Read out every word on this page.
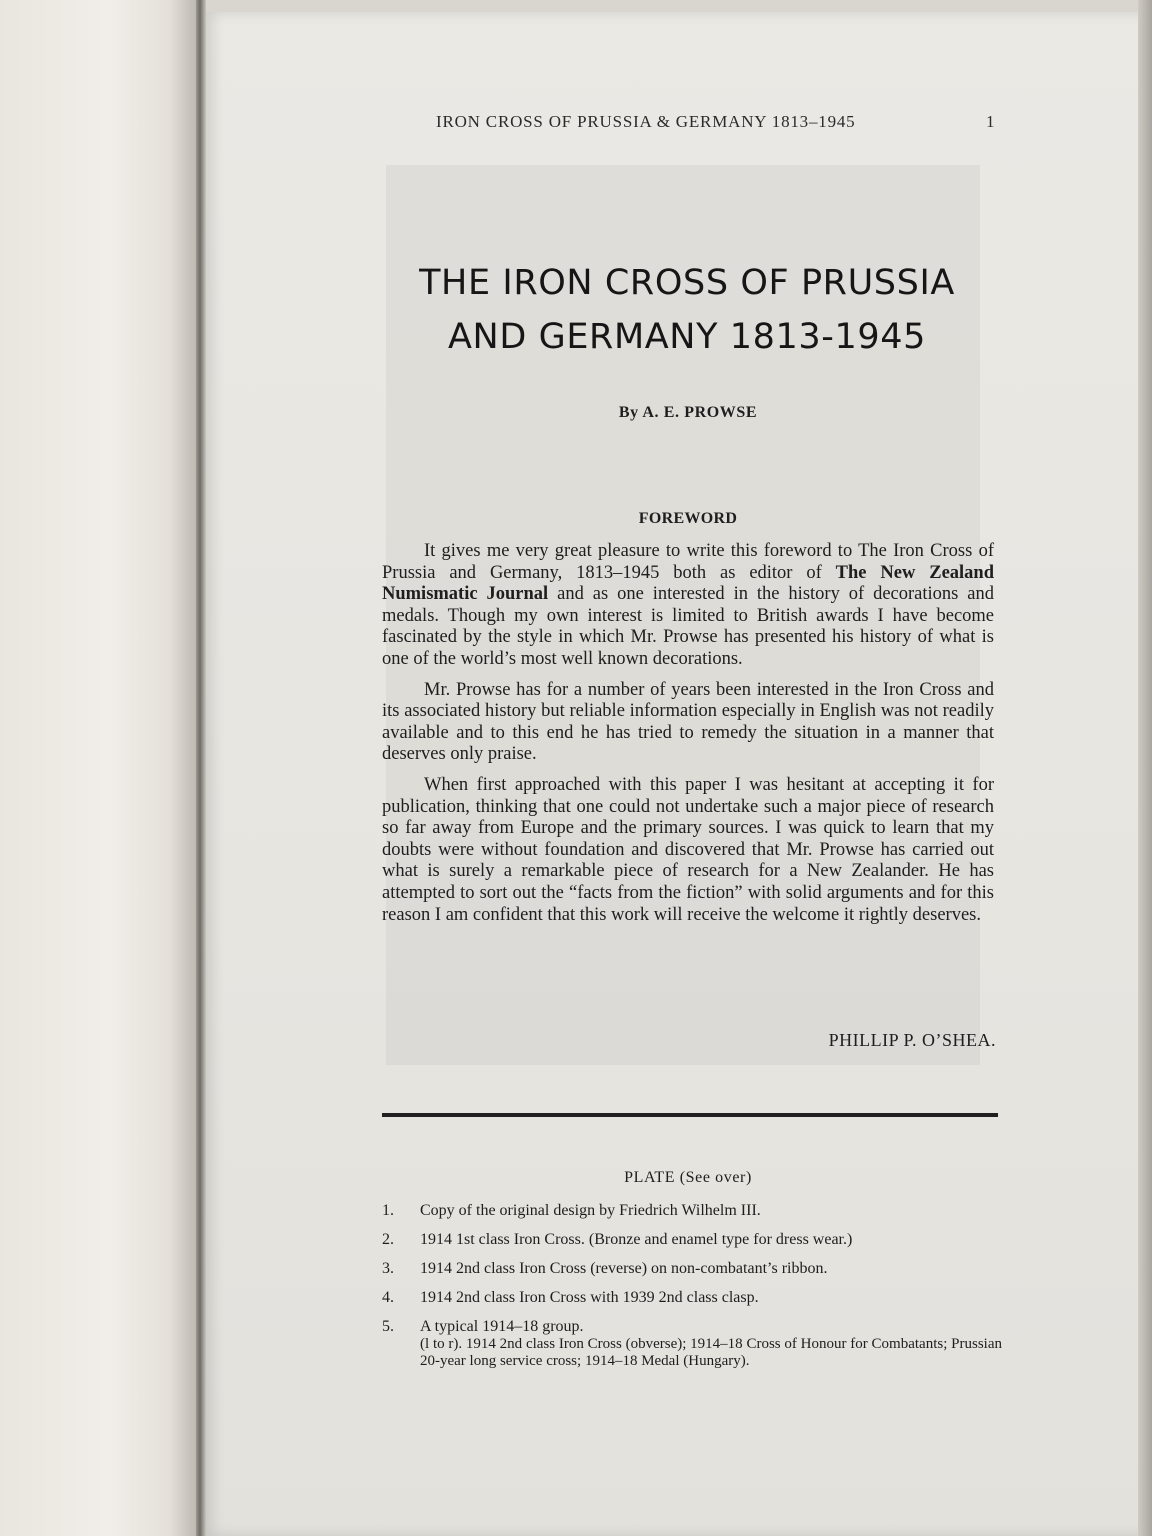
IRON CROSS OF PRUSSIA & GERMANY 1813–1945	1
THE IRON CROSS OF PRUSSIA
AND GERMANY 1813-1945
By A. E. PROWSE
FOREWORD

It gives me very great pleasure to write this foreword to The Iron Cross of Prussia and Germany, 1813–1945 both as editor of The New Zealand Numismatic Journal and as one interested in the history of decorations and medals. Though my own interest is limited to British awards I have become fascinated by the style in which Mr. Prowse has presented his history of what is one of the world’s most well known decorations.

Mr. Prowse has for a number of years been interested in the Iron Cross and its associated history but reliable information especially in English was not readily available and to this end he has tried to remedy the situation in a manner that deserves only praise.

When first approached with this paper I was hesitant at accepting it for publication, thinking that one could not undertake such a major piece of research so far away from Europe and the primary sources. I was quick to learn that my doubts were without foundation and discovered that Mr. Prowse has carried out what is surely a remarkable piece of research for a New Zealander. He has attempted to sort out the “facts from the fiction” with solid arguments and for this reason I am confident that this work will receive the welcome it rightly deserves.

PHILLIP P. O’SHEA.
PLATE (See over)
1. Copy of the original design by Friedrich Wilhelm III.
2. 1914 1st class Iron Cross. (Bronze and enamel type for dress wear.)
3. 1914 2nd class Iron Cross (reverse) on non-combatant’s ribbon.
4. 1914 2nd class Iron Cross with 1939 2nd class clasp.
5. A typical 1914–18 group.
(l to r). 1914 2nd class Iron Cross (obverse); 1914–18 Cross of Honour for Combatants; Prussian 20-year long service cross; 1914–18 Medal (Hungary).
